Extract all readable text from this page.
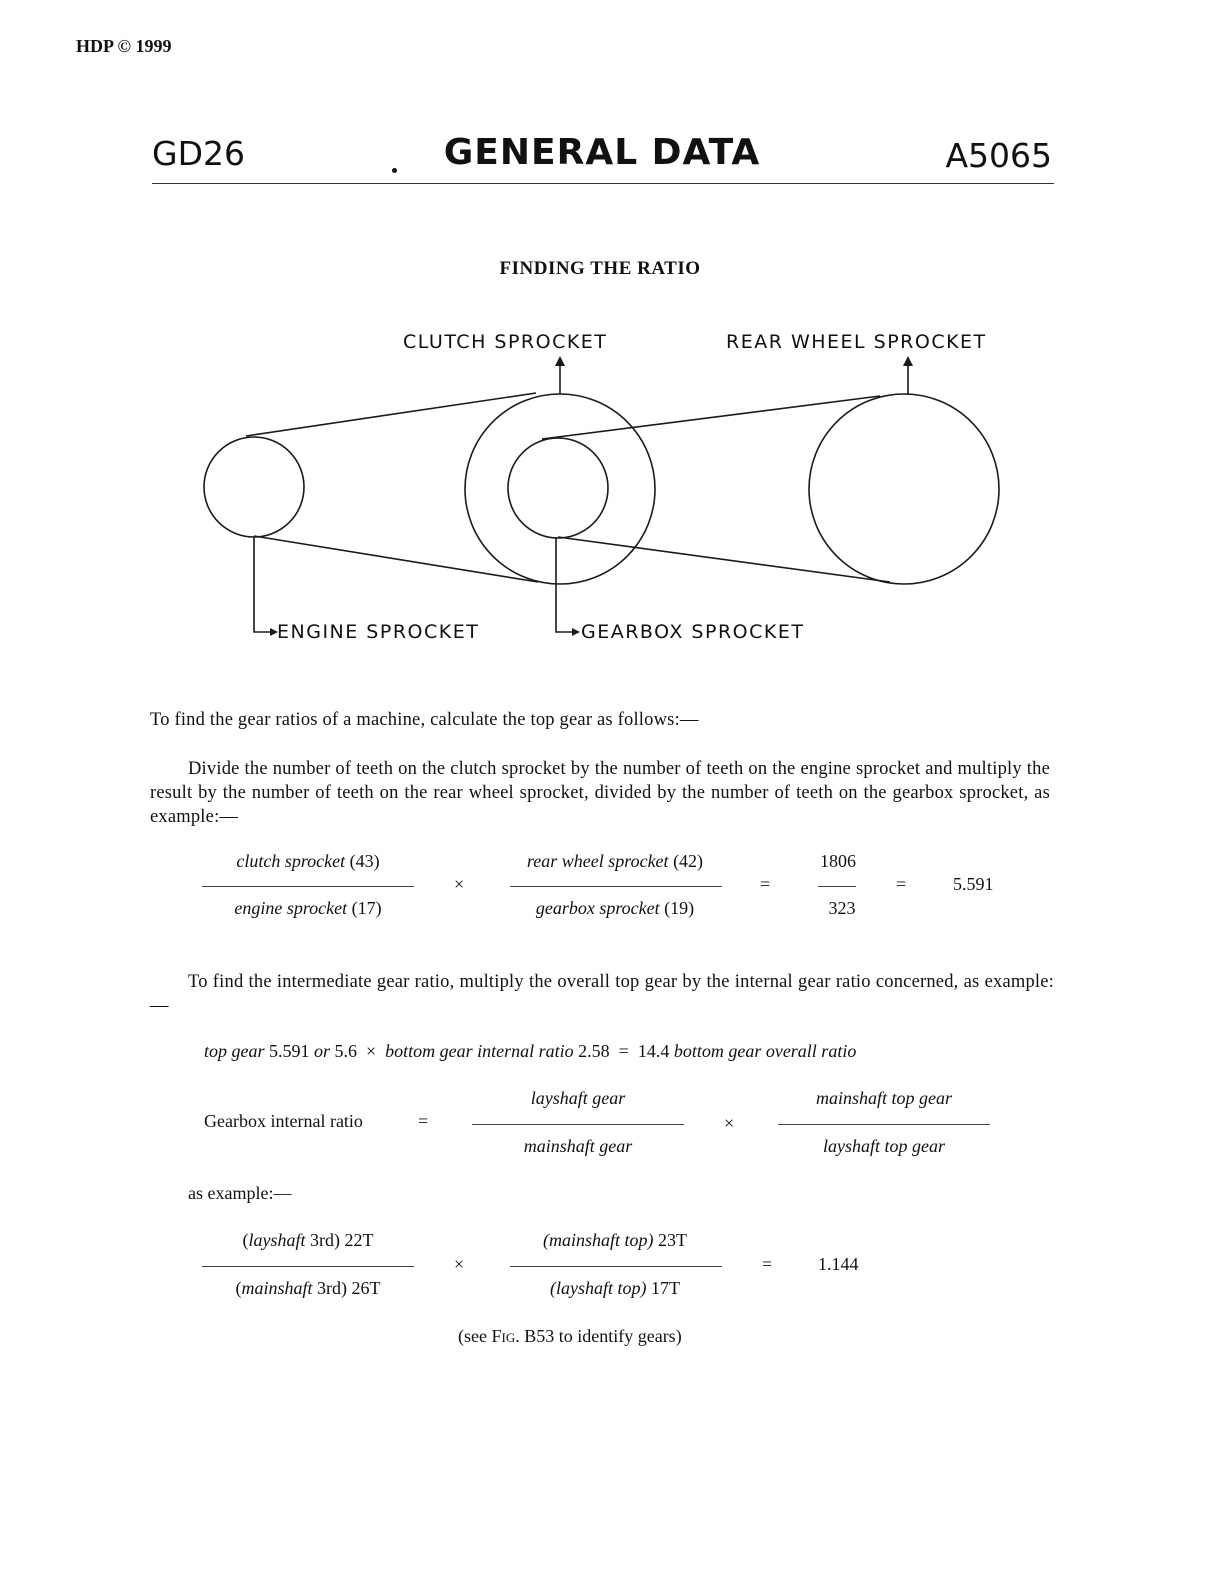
HDP © 1999
GD26	GENERAL DATA	A5065
FINDING THE RATIO
CLUTCH SPROCKET	REAR WHEEL SPROCKET
ENGINE SPROCKET	GEARBOX SPROCKET

To find the gear ratios of a machine, calculate the top gear as follows:—

Divide the number of teeth on the clutch sprocket by the number of teeth on the engine sprocket and multiply the result by the number of teeth on the rear wheel sprocket, divided by the number of teeth on the gearbox sprocket, as example:—

clutch sprocket (43)
engine sprocket (17)
×
rear wheel sprocket (42)
gearbox sprocket (19)
=
1806
323
=	5.591

To find the intermediate gear ratio, multiply the overall top gear by the internal gear ratio concerned, as example:—

top gear 5.591 or 5.6 × bottom gear internal ratio 2.58 = 14.4 bottom gear overall ratio
Gearbox internal ratio	=
layshaft gear
mainshaft gear
×
mainshaft top gear
layshaft top gear
as example:—
(layshaft 3rd) 22T
(mainshaft 3rd) 26T
×
(mainshaft top) 23T
(layshaft top) 17T
=	1.144
(see Fig. B53 to identify gears)
